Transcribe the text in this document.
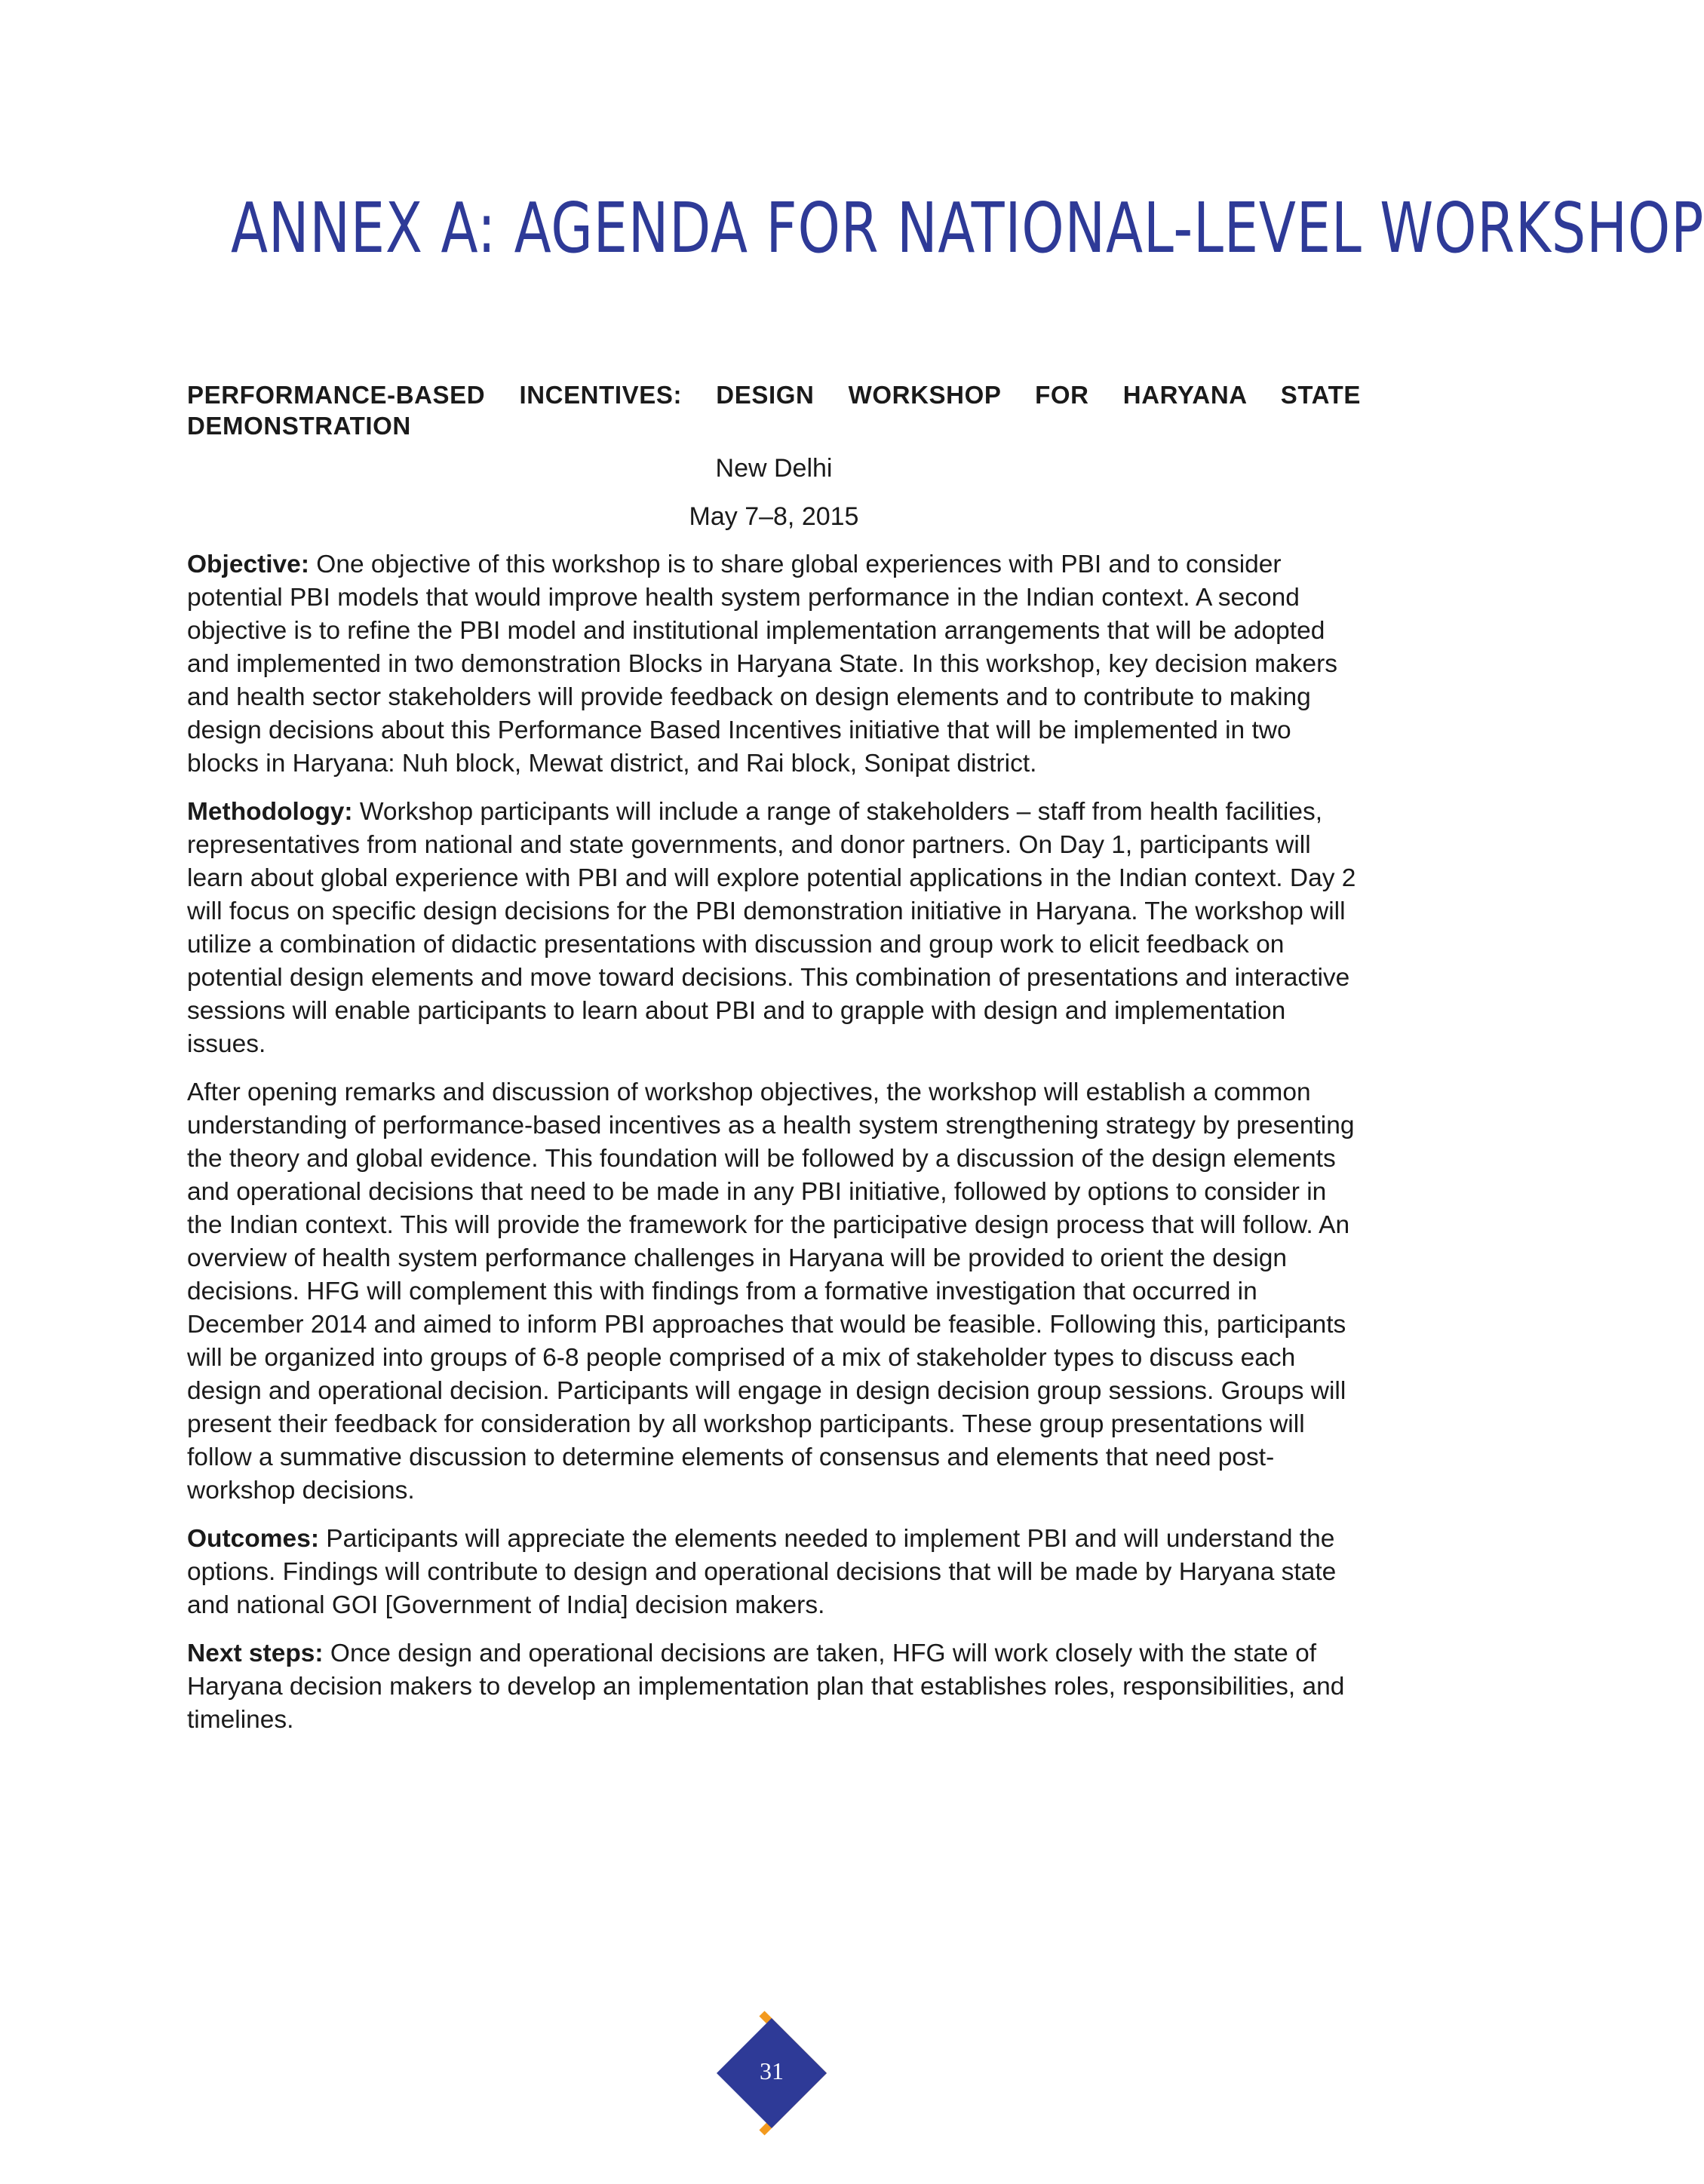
ANNEX A: AGENDA FOR NATIONAL-LEVEL WORKSHOP
PERFORMANCE-BASED INCENTIVES: DESIGN WORKSHOP FOR HARYANA STATE DEMONSTRATION
New Delhi
May 7–8, 2015

Objective: One objective of this workshop is to share global experiences with PBI and to consider potential PBI models that would improve health system performance in the Indian context. A second objective is to refine the PBI model and institutional implementation arrangements that will be adopted and implemented in two demonstration Blocks in Haryana State. In this workshop, key decision makers and health sector stakeholders will provide feedback on design elements and to contribute to making design decisions about this Performance Based Incentives initiative that will be implemented in two blocks in Haryana: Nuh block, Mewat district, and Rai block, Sonipat district.

Methodology: Workshop participants will include a range of stakeholders – staff from health facilities, representatives from national and state governments, and donor partners. On Day 1, participants will learn about global experience with PBI and will explore potential applications in the Indian context. Day 2 will focus on specific design decisions for the PBI demonstration initiative in Haryana. The workshop will utilize a combination of didactic presentations with discussion and group work to elicit feedback on potential design elements and move toward decisions. This combination of presentations and interactive sessions will enable participants to learn about PBI and to grapple with design and implementation issues.

After opening remarks and discussion of workshop objectives, the workshop will establish a common understanding of performance-based incentives as a health system strengthening strategy by presenting the theory and global evidence. This foundation will be followed by a discussion of the design elements and operational decisions that need to be made in any PBI initiative, followed by options to consider in the Indian context. This will provide the framework for the participative design process that will follow. An overview of health system performance challenges in Haryana will be provided to orient the design decisions. HFG will complement this with findings from a formative investigation that occurred in December 2014 and aimed to inform PBI approaches that would be feasible. Following this, participants will be organized into groups of 6-8 people comprised of a mix of stakeholder types to discuss each design and operational decision. Participants will engage in design decision group sessions. Groups will present their feedback for consideration by all workshop participants. These group presentations will follow a summative discussion to determine elements of consensus and elements that need post-workshop decisions.

Outcomes: Participants will appreciate the elements needed to implement PBI and will understand the options. Findings will contribute to design and operational decisions that will be made by Haryana state and national GOI [Government of India] decision makers.

Next steps: Once design and operational decisions are taken, HFG will work closely with the state of Haryana decision makers to develop an implementation plan that establishes roles, responsibilities, and timelines.

31
